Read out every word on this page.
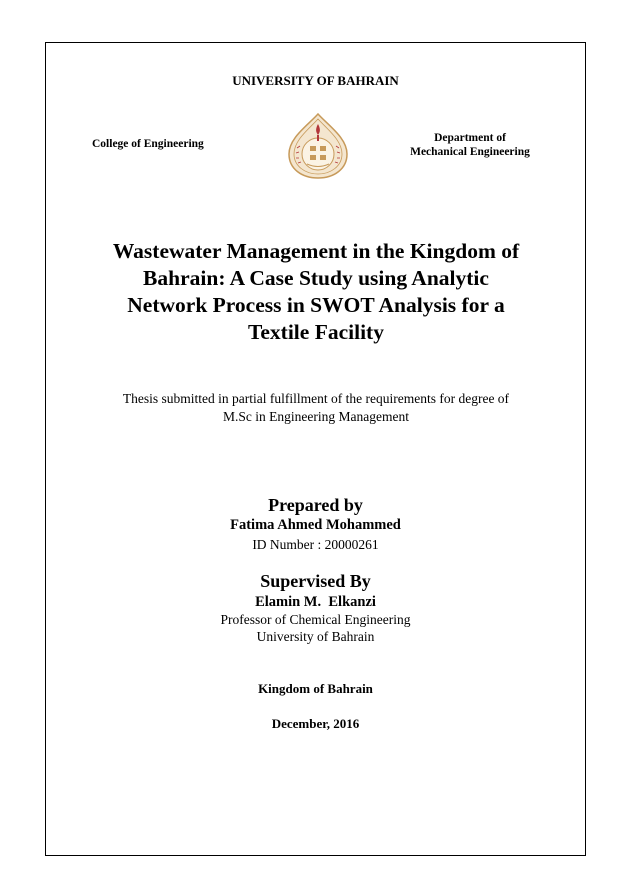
UNIVERSITY OF BAHRAIN
College of Engineering	Department of
Mechanical Engineering
Wastewater Management in the Kingdom of
Bahrain: A Case Study using Analytic
Network Process in SWOT Analysis for a
Textile Facility
Thesis submitted in partial fulfillment of the requirements for degree of
M.Sc in Engineering Management
Prepared by
Fatima Ahmed Mohammed
ID Number : 20000261
Supervised By
Elamin M.  Elkanzi
Professor of Chemical Engineering
University of Bahrain
Kingdom of Bahrain
December, 2016
